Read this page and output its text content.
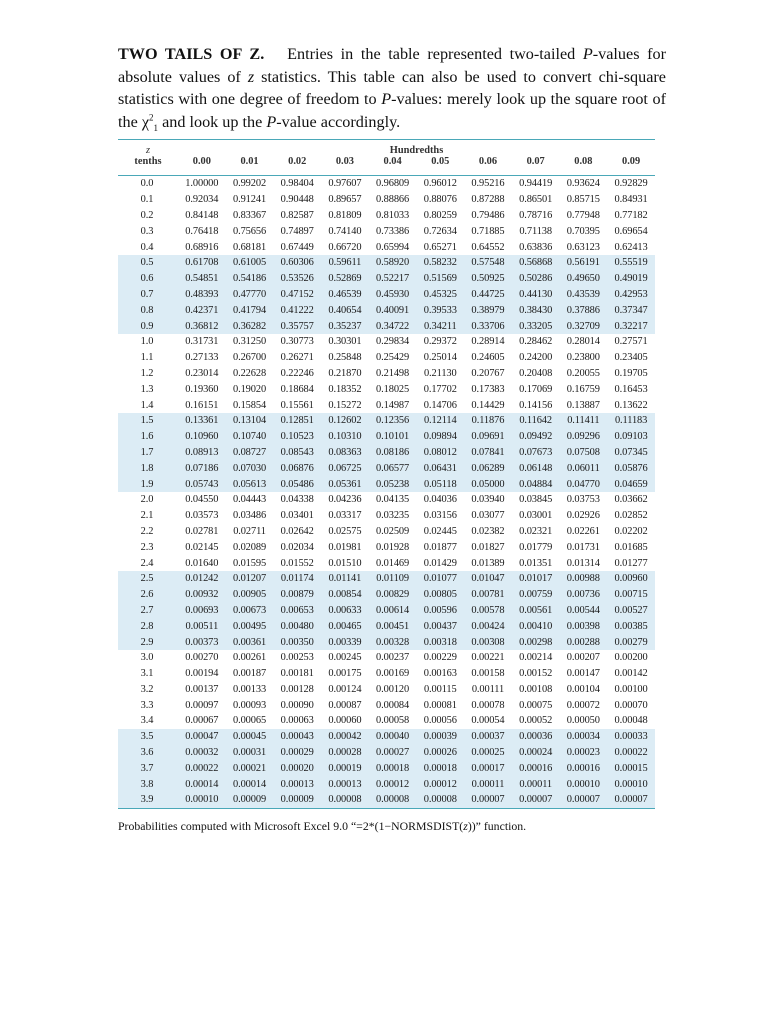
TWO TAILS OF Z. Entries in the table represented two-tailed P-values for absolute values of z statistics. This table can also be used to convert chi-square statistics with one degree of freedom to P-values: merely look up the square root of the $\chi^2_1$ and look up the P-value accordingly.

z	Hundredths									
tenths	0.00	0.01	0.02	0.03	0.04	0.05	0.06	0.07	0.08	0.09

0.0	1.00000	0.99202	0.98404	0.97607	0.96809	0.96012	0.95216	0.94419	0.93624	0.92829
0.1	0.92034	0.91241	0.90448	0.89657	0.88866	0.88076	0.87288	0.86501	0.85715	0.84931
0.2	0.84148	0.83367	0.82587	0.81809	0.81033	0.80259	0.79486	0.78716	0.77948	0.77182
0.3	0.76418	0.75656	0.74897	0.74140	0.73386	0.72634	0.71885	0.71138	0.70395	0.69654
0.4	0.68916	0.68181	0.67449	0.66720	0.65994	0.65271	0.64552	0.63836	0.63123	0.62413
0.5	0.61708	0.61005	0.60306	0.59611	0.58920	0.58232	0.57548	0.56868	0.56191	0.55519
0.6	0.54851	0.54186	0.53526	0.52869	0.52217	0.51569	0.50925	0.50286	0.49650	0.49019
0.7	0.48393	0.47770	0.47152	0.46539	0.45930	0.45325	0.44725	0.44130	0.43539	0.42953
0.8	0.42371	0.41794	0.41222	0.40654	0.40091	0.39533	0.38979	0.38430	0.37886	0.37347
0.9	0.36812	0.36282	0.35757	0.35237	0.34722	0.34211	0.33706	0.33205	0.32709	0.32217
1.0	0.31731	0.31250	0.30773	0.30301	0.29834	0.29372	0.28914	0.28462	0.28014	0.27571
1.1	0.27133	0.26700	0.26271	0.25848	0.25429	0.25014	0.24605	0.24200	0.23800	0.23405
1.2	0.23014	0.22628	0.22246	0.21870	0.21498	0.21130	0.20767	0.20408	0.20055	0.19705
1.3	0.19360	0.19020	0.18684	0.18352	0.18025	0.17702	0.17383	0.17069	0.16759	0.16453
1.4	0.16151	0.15854	0.15561	0.15272	0.14987	0.14706	0.14429	0.14156	0.13887	0.13622
1.5	0.13361	0.13104	0.12851	0.12602	0.12356	0.12114	0.11876	0.11642	0.11411	0.11183
1.6	0.10960	0.10740	0.10523	0.10310	0.10101	0.09894	0.09691	0.09492	0.09296	0.09103
1.7	0.08913	0.08727	0.08543	0.08363	0.08186	0.08012	0.07841	0.07673	0.07508	0.07345
1.8	0.07186	0.07030	0.06876	0.06725	0.06577	0.06431	0.06289	0.06148	0.06011	0.05876
1.9	0.05743	0.05613	0.05486	0.05361	0.05238	0.05118	0.05000	0.04884	0.04770	0.04659
2.0	0.04550	0.04443	0.04338	0.04236	0.04135	0.04036	0.03940	0.03845	0.03753	0.03662
2.1	0.03573	0.03486	0.03401	0.03317	0.03235	0.03156	0.03077	0.03001	0.02926	0.02852
2.2	0.02781	0.02711	0.02642	0.02575	0.02509	0.02445	0.02382	0.02321	0.02261	0.02202
2.3	0.02145	0.02089	0.02034	0.01981	0.01928	0.01877	0.01827	0.01779	0.01731	0.01685
2.4	0.01640	0.01595	0.01552	0.01510	0.01469	0.01429	0.01389	0.01351	0.01314	0.01277
2.5	0.01242	0.01207	0.01174	0.01141	0.01109	0.01077	0.01047	0.01017	0.00988	0.00960
2.6	0.00932	0.00905	0.00879	0.00854	0.00829	0.00805	0.00781	0.00759	0.00736	0.00715
2.7	0.00693	0.00673	0.00653	0.00633	0.00614	0.00596	0.00578	0.00561	0.00544	0.00527
2.8	0.00511	0.00495	0.00480	0.00465	0.00451	0.00437	0.00424	0.00410	0.00398	0.00385
2.9	0.00373	0.00361	0.00350	0.00339	0.00328	0.00318	0.00308	0.00298	0.00288	0.00279
3.0	0.00270	0.00261	0.00253	0.00245	0.00237	0.00229	0.00221	0.00214	0.00207	0.00200
3.1	0.00194	0.00187	0.00181	0.00175	0.00169	0.00163	0.00158	0.00152	0.00147	0.00142
3.2	0.00137	0.00133	0.00128	0.00124	0.00120	0.00115	0.00111	0.00108	0.00104	0.00100
3.3	0.00097	0.00093	0.00090	0.00087	0.00084	0.00081	0.00078	0.00075	0.00072	0.00070
3.4	0.00067	0.00065	0.00063	0.00060	0.00058	0.00056	0.00054	0.00052	0.00050	0.00048
3.5	0.00047	0.00045	0.00043	0.00042	0.00040	0.00039	0.00037	0.00036	0.00034	0.00033
3.6	0.00032	0.00031	0.00029	0.00028	0.00027	0.00026	0.00025	0.00024	0.00023	0.00022
3.7	0.00022	0.00021	0.00020	0.00019	0.00018	0.00018	0.00017	0.00016	0.00016	0.00015
3.8	0.00014	0.00014	0.00013	0.00013	0.00012	0.00012	0.00011	0.00011	0.00010	0.00010
3.9	0.00010	0.00009	0.00009	0.00008	0.00008	0.00008	0.00007	0.00007	0.00007	0.00007

Probabilities computed with Microsoft Excel 9.0 “=2*(1−NORMSDIST(z))” function.
